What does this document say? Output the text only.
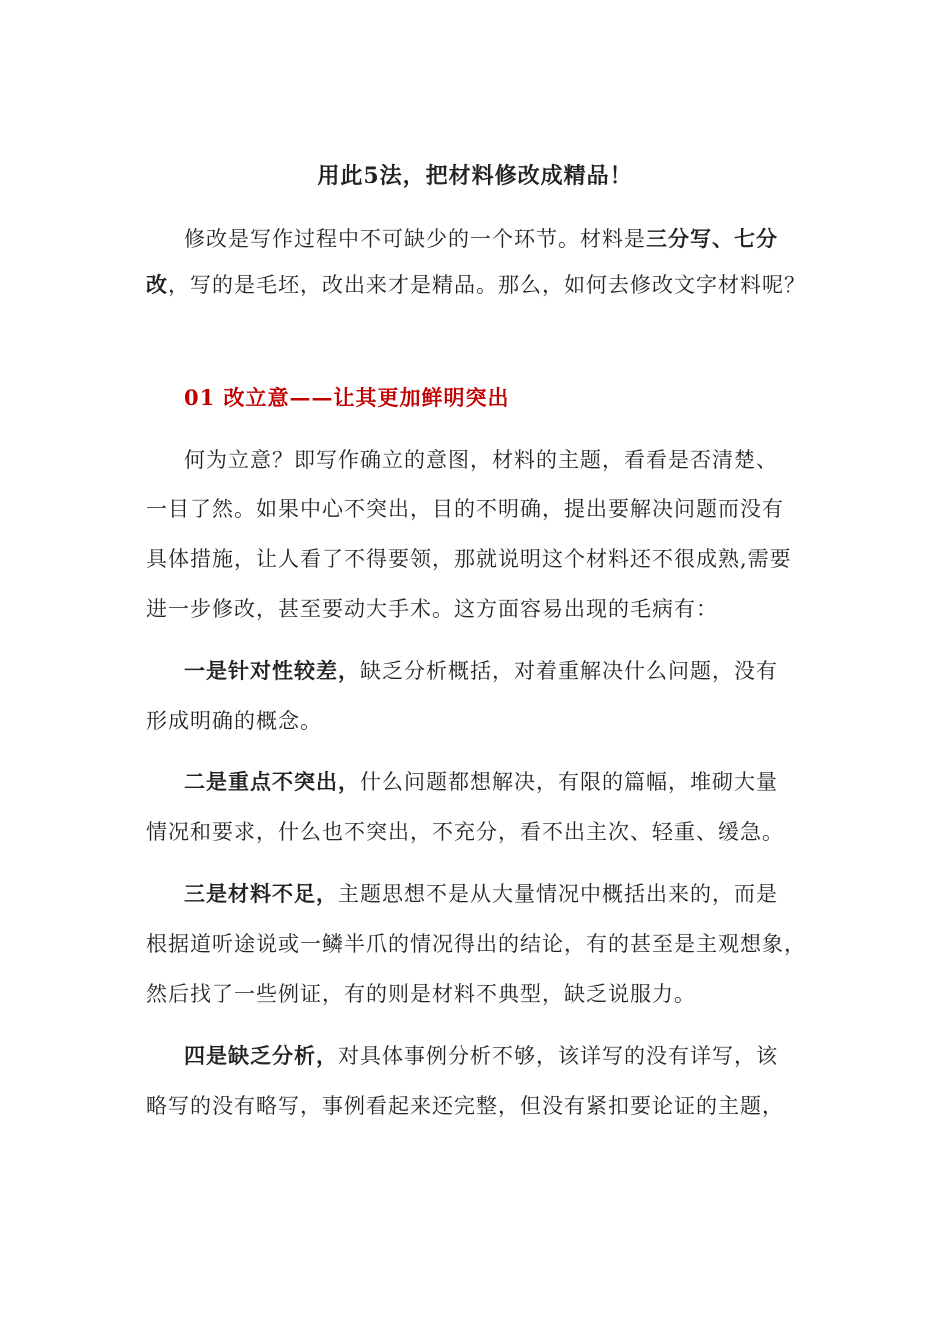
用此5法，把材料修改成精品！
修改是写作过程中不可缺少的一个环节。材料是三分写、七分
改，写的是毛坯，改出来才是精品。那么，如何去修改文字材料呢？
01 改立意——让其更加鲜明突出
何为立意？即写作确立的意图，材料的主题，看看是否清楚、
一目了然。如果中心不突出，目的不明确，提出要解决问题而没有
具体措施，让人看了不得要领，那就说明这个材料还不很成熟,需要
进一步修改，甚至要动大手术。这方面容易出现的毛病有：
一是针对性较差，缺乏分析概括，对着重解决什么问题，没有
形成明确的概念。
二是重点不突出，什么问题都想解决，有限的篇幅，堆砌大量
情况和要求，什么也不突出，不充分，看不出主次、轻重、缓急。
三是材料不足，主题思想不是从大量情况中概括出来的，而是
根据道听途说或一鳞半爪的情况得出的结论，有的甚至是主观想象，
然后找了一些例证，有的则是材料不典型，缺乏说服力。
四是缺乏分析，对具体事例分析不够，该详写的没有详写，该
略写的没有略写，事例看起来还完整，但没有紧扣要论证的主题，
